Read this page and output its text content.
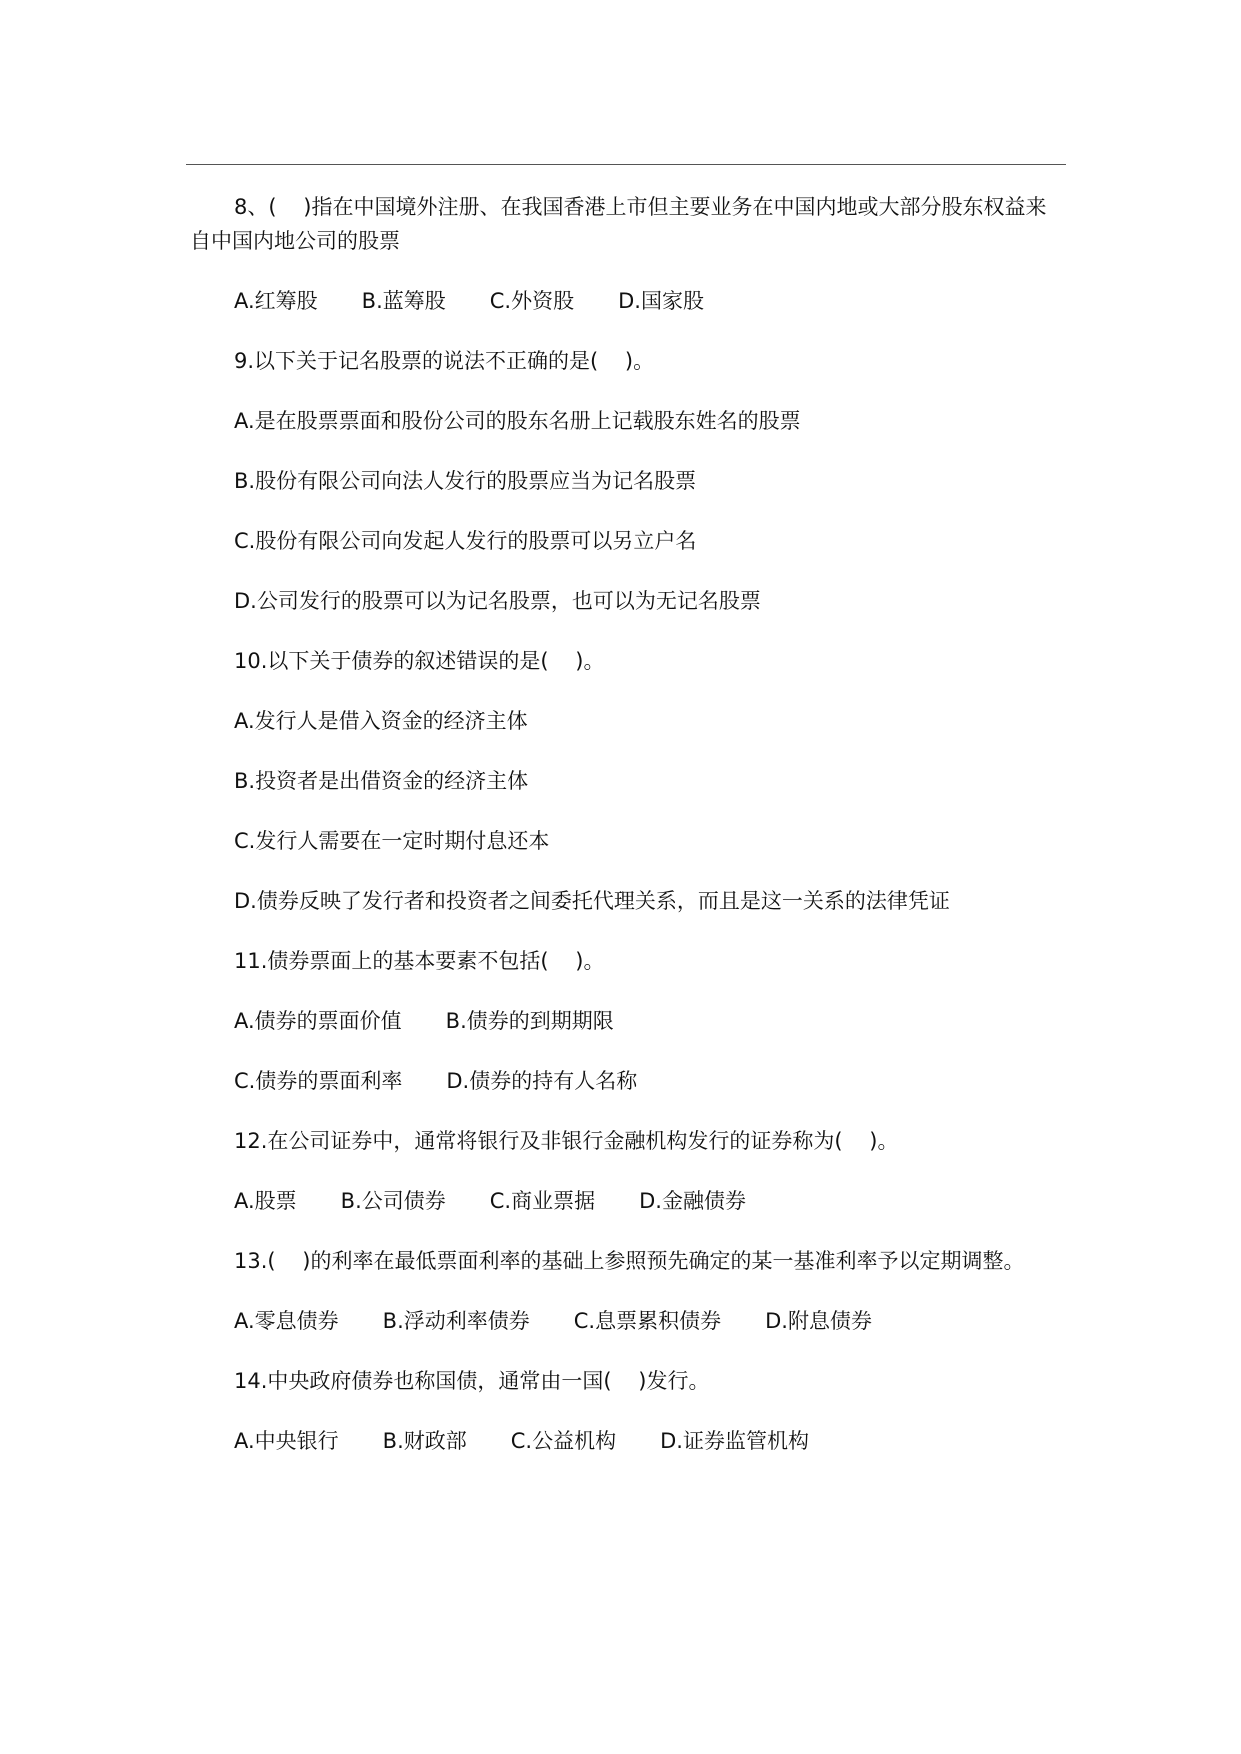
8、(    )指在中国境外注册、在我国香港上市但主要业务在中国内地或大部分股东权益来自中国内地公司的股票

A.红筹股 B.蓝筹股 C.外资股 D.国家股

9.以下关于记名股票的说法不正确的是(    )。

A.是在股票票面和股份公司的股东名册上记载股东姓名的股票

B.股份有限公司向法人发行的股票应当为记名股票

C.股份有限公司向发起人发行的股票可以另立户名

D.公司发行的股票可以为记名股票，也可以为无记名股票

10.以下关于债券的叙述错误的是(    )。

A.发行人是借入资金的经济主体

B.投资者是出借资金的经济主体

C.发行人需要在一定时期付息还本

D.债券反映了发行者和投资者之间委托代理关系，而且是这一关系的法律凭证

11.债券票面上的基本要素不包括(    )。

A.债券的票面价值 B.债券的到期期限
C.债券的票面利率 D.债券的持有人名称

12.在公司证券中，通常将银行及非银行金融机构发行的证券称为(    )。

A.股票 B.公司债券 C.商业票据 D.金融债券

13.(    )的利率在最低票面利率的基础上参照预先确定的某一基准利率予以定期调整。

A.零息债券 B.浮动利率债券 C.息票累积债券 D.附息债券

14.中央政府债券也称国债，通常由一国(    )发行。

A.中央银行 B.财政部 C.公益机构 D.证券监管机构
